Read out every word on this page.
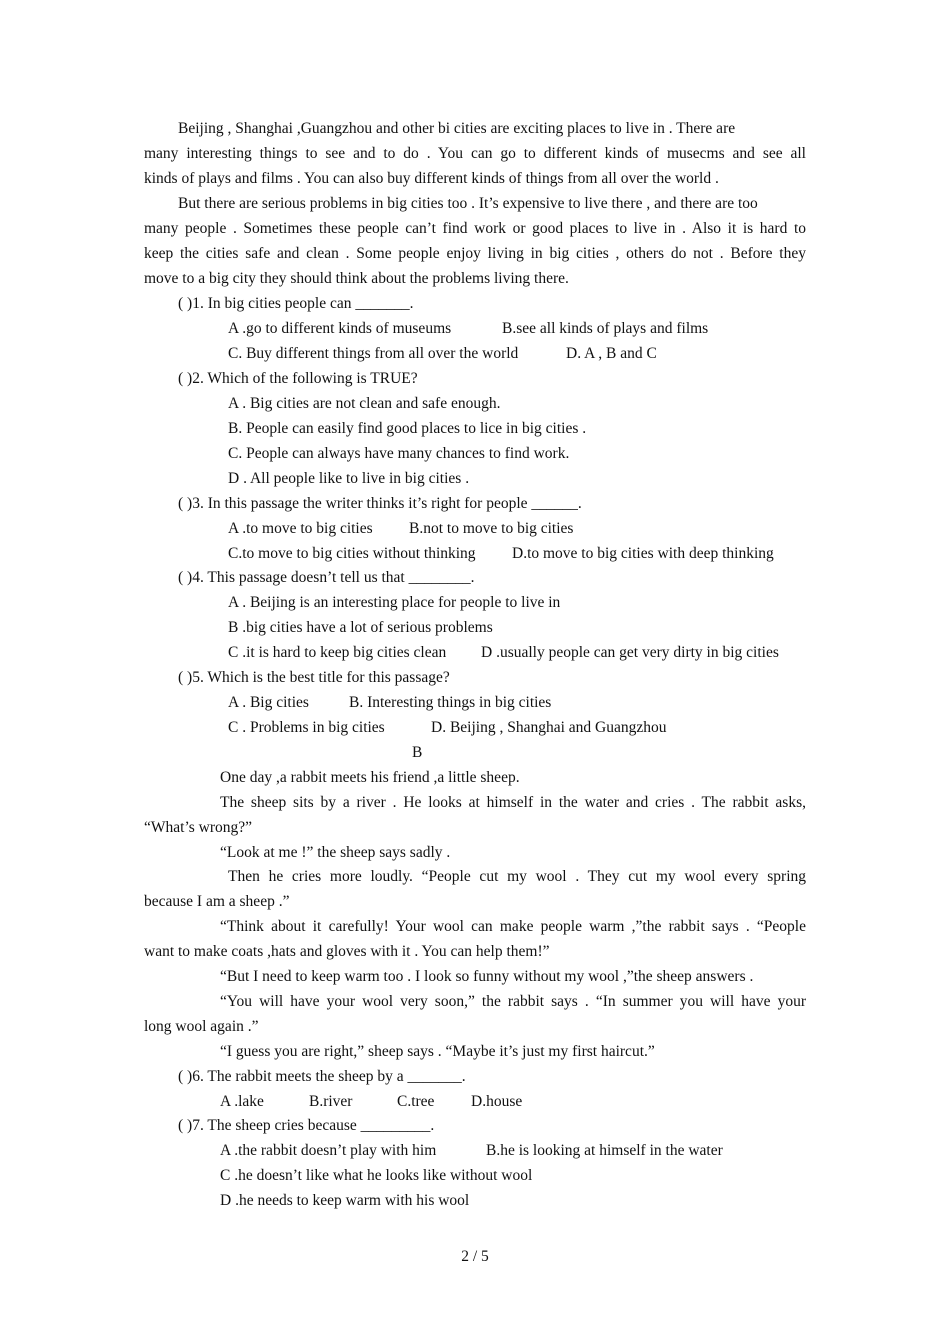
Beijing , Shanghai ,Guangzhou and other bi cities are exciting places to live in . There are
many interesting things to see and to do . You can go to different kinds of musecms and see all
kinds of plays and films . You can also buy different kinds of things from all over the world .
But there are serious problems in big cities too . It’s expensive to live there , and there are too
many people . Sometimes these people can’t find work or good places to live in . Also it is hard to
keep the cities safe and clean . Some people enjoy living in big cities , others do not . Before they
move to a big city they should think about the problems living there.
( )1. In big cities people can _______.
A .go to different kinds of museums	B.see all kinds of plays and films
C. Buy different things from all over the world	D. A , B and C
( )2. Which of the following is TRUE?
A . Big cities are not clean and safe enough.
B. People can easily find good places to lice in big cities .
C. People can always have many chances to find work.
D . All people like to live in big cities .
( )3. In this passage the writer thinks it’s right for people ______.
A .to move to big cities B.not to move to big cities
C.to move to big cities without thinking D.to move to big cities with deep thinking
( )4. This passage doesn’t tell us that ________.
A . Beijing is an interesting place for people to live in
B .big cities have a lot of serious problems
C .it is hard to keep big cities clean D .usually people can get very dirty in big cities
( )5. Which is the best title for this passage?
A . Big cities	B. Interesting things in big cities
C . Problems in big cities	D. Beijing , Shanghai and Guangzhou
B
One day ,a rabbit meets his friend ,a little sheep.
The sheep sits by a river . He looks at himself in the water and cries . The rabbit asks,
“What’s wrong?”
“Look at me !” the sheep says sadly .
Then he cries more loudly. “People cut my wool . They cut my wool every spring
because I am a sheep .”
“Think about it carefully! Your wool can make people warm ,”the rabbit says . “People
want to make coats ,hats and gloves with it . You can help them!”
“But I need to keep warm too . I look so funny without my wool ,”the sheep answers .
“You will have your wool very soon,” the rabbit says . “In summer you will have your
long wool again .”
“I guess you are right,” sheep says . “Maybe it’s just my first haircut.”
( )6. The rabbit meets the sheep by a _______.
A .lake	B.river	C.tree D.house
( )7. The sheep cries because _________.
A .the rabbit doesn’t play with him	B.he is looking at himself in the water
C .he doesn’t like what he looks like without wool
D .he needs to keep warm with his wool
2 / 5
